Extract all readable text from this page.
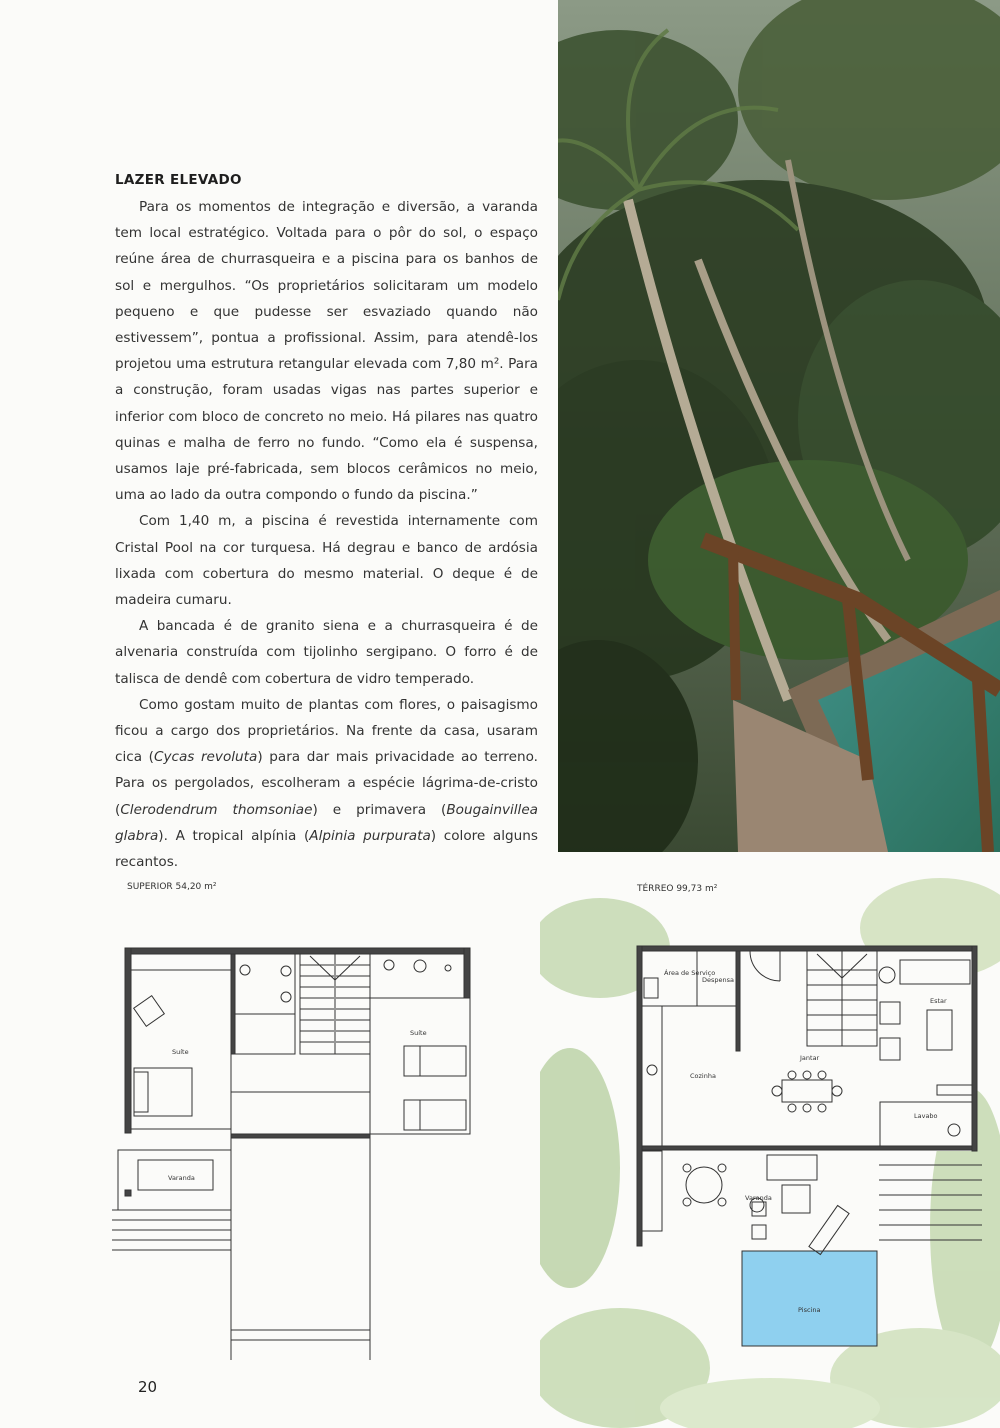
LAZER ELEVADO

Para os momentos de integração e diversão, a varanda tem local estratégico. Voltada para o pôr do sol, o espaço reúne área de churrasqueira e a piscina para os banhos de sol e mergulhos. “Os proprietários solicitaram um modelo pequeno e que pudesse ser esvaziado quando não estivessem”, pontua a profissional. Assim, para atendê-los projetou uma estrutura retangular elevada com 7,80 m². Para a construção, foram usadas vigas nas partes superior e inferior com bloco de concreto no meio. Há pilares nas quatro quinas e malha de ferro no fundo. “Como ela é suspensa, usamos laje pré-fabricada, sem blocos cerâmicos no meio, uma ao lado da outra compondo o fundo da piscina.”

Com 1,40 m, a piscina é revestida internamente com Cristal Pool na cor turquesa. Há degrau e banco de ardósia lixada com cobertura do mesmo material. O deque é de madeira cumaru.

A bancada é de granito siena e a churrasqueira é de alvenaria construída com tijolinho sergipano. O forro é de talisca de dendê com cobertura de vidro temperado.

Como gostam muito de plantas com flores, o paisagismo ficou a cargo dos proprietários. Na frente da casa, usaram cica (Cycas revoluta) para dar mais privacidade ao terreno. Para os pergolados, escolheram a espécie lágrima-de-cristo (Clerodendrum thomsoniae) e primavera (Bougainvillea glabra). A tropical alpínia (Alpinia purpurata) colore alguns recantos.

SUPERIOR 54,20 m²
Suíte
Suíte
Varanda
TÉRREO 99,73 m²
Área de Serviço
Despensa
Estar
Jantar
Cozinha
Lavabo
Varanda
Piscina
20
